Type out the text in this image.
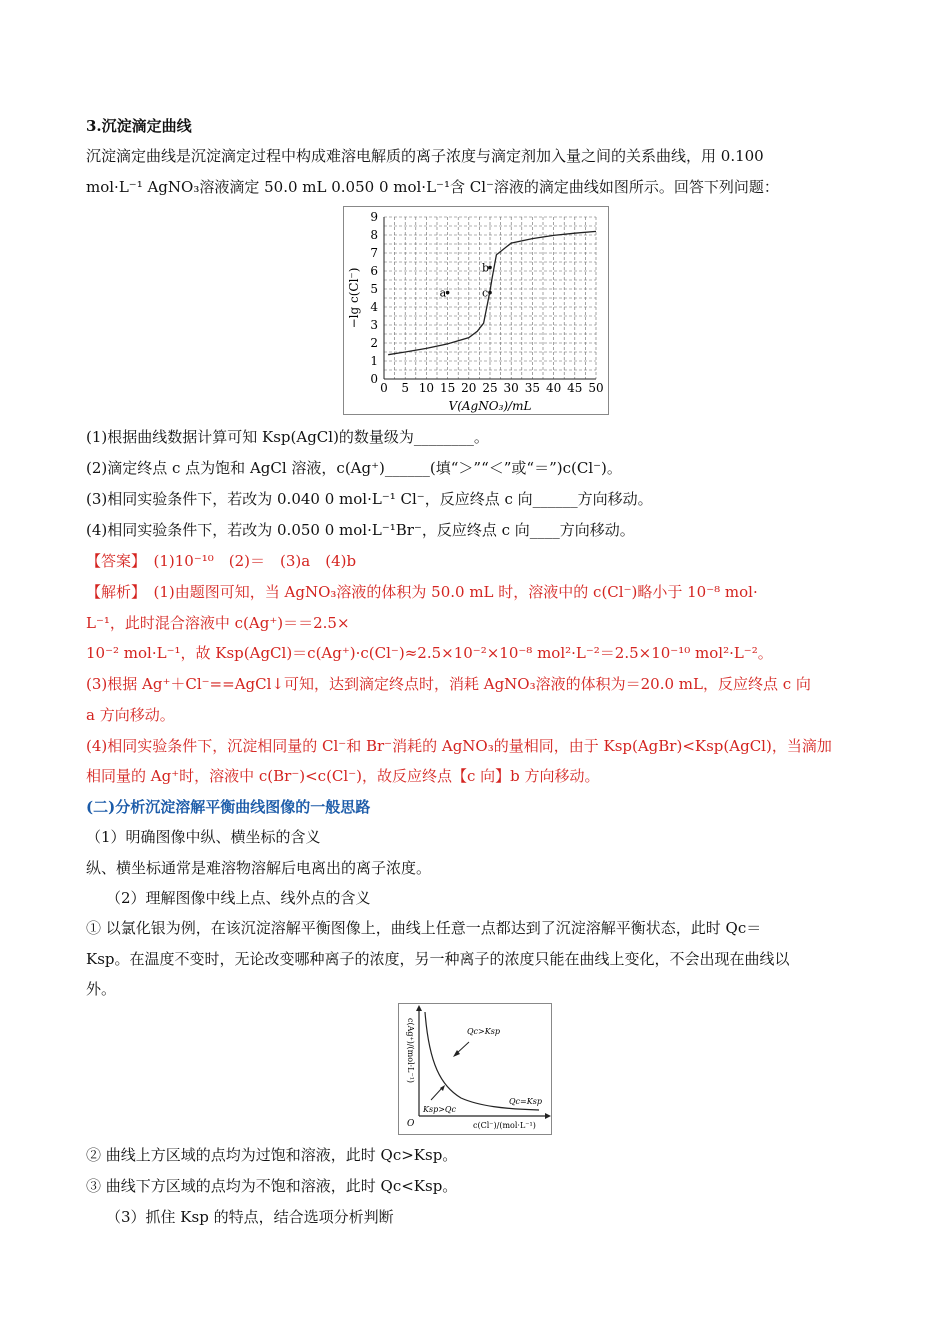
3.沉淀滴定曲线
沉淀滴定曲线是沉淀滴定过程中构成难溶电解质的离子浓度与滴定剂加入量之间的关系曲线，用 0.100
mol·L⁻¹ AgNO₃溶液滴定 50.0 mL 0.050 0 mol·L⁻¹含 Cl⁻溶液的滴定曲线如图所示。回答下列问题：
0 5 10 15 20 25 30 35 40 45 50
0
1
2
3
4
5
6
7
8
9
V(AgNO₃)/mL
−lg c(Cl⁻)	a
b
c
(1)根据曲线数据计算可知 Ksp(AgCl)的数量级为________。
(2)滴定终点 c 点为饱和 AgCl 溶液，c(Ag⁺)______(填“＞”“＜”或“＝”)c(Cl⁻)。
(3)相同实验条件下，若改为 0.040 0 mol·L⁻¹ Cl⁻，反应终点 c 向______方向移动。
(4)相同实验条件下，若改为 0.050 0 mol·L⁻¹Br⁻，反应终点 c 向____方向移动。
【答案】　(1)10⁻¹⁰　(2)＝　(3)a　(4)b
【解析】　(1)由题图可知，当 AgNO₃溶液的体积为 50.0 mL 时，溶液中的 c(Cl⁻)略小于 10⁻⁸ mol·
L⁻¹，此时混合溶液中 c(Ag⁺)＝＝2.5×
10⁻² mol·L⁻¹，故 Ksp(AgCl)＝c(Ag⁺)·c(Cl⁻)≈2.5×10⁻²×10⁻⁸ mol²·L⁻²＝2.5×10⁻¹⁰ mol²·L⁻²。
(3)根据 Ag⁺＋Cl⁻==AgCl↓可知，达到滴定终点时，消耗 AgNO₃溶液的体积为＝20.0 mL，反应终点 c 向
a 方向移动。
(4)相同实验条件下，沉淀相同量的 Cl⁻和 Br⁻消耗的 AgNO₃的量相同，由于 Ksp(AgBr)<Ksp(AgCl)，当滴加
相同量的 Ag⁺时，溶液中 c(Br⁻)<c(Cl⁻)，故反应终点【c 向】b 方向移动。
(二)分析沉淀溶解平衡曲线图像的一般思路
（1）明确图像中纵、横坐标的含义
纵、横坐标通常是难溶物溶解后电离出的离子浓度。
（2）理解图像中线上点、线外点的含义
① 以氯化银为例，在该沉淀溶解平衡图像上，曲线上任意一点都达到了沉淀溶解平衡状态，此时 Qc＝
Ksp。在温度不变时，无论改变哪种离子的浓度，另一种离子的浓度只能在曲线上变化，不会出现在曲线以
外。
c(Ag⁺)/(mol·L⁻¹)
c(Cl⁻)/(mol·L⁻¹)
O
Qc>Ksp
Ksp>Qc
Qc=Ksp
② 曲线上方区域的点均为过饱和溶液，此时 Qc>Ksp。
③ 曲线下方区域的点均为不饱和溶液，此时 Qc<Ksp。
（3）抓住 Ksp 的特点，结合选项分析判断
